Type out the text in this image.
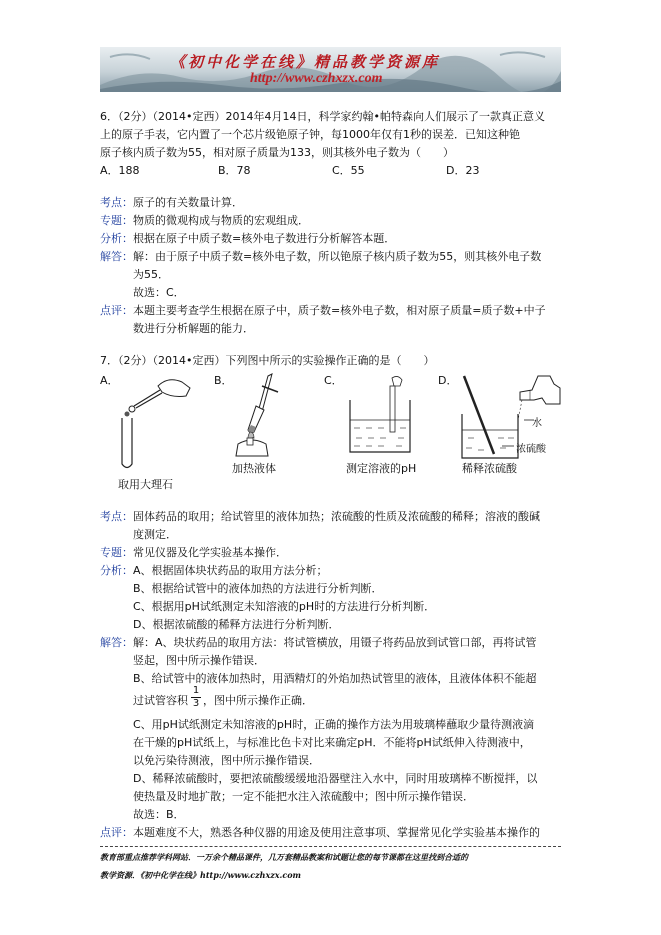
《初中化学在线》精品教学资源库
http://www.czhxzx.com
6．（2分）（2014•定西）2014年4月14日，科学家约翰•帕特森向人们展示了一款真正意义
上的原子手表，它内置了一个芯片级铯原子钟，每1000年仅有1秒的误差．已知这种铯
原子核内质子数为55，相对原子质量为133，则其核外电子数为（　　）
A．188	B．78	C．55	D．23
考点：原子的有关数量计算．
专题：物质的微观构成与物质的宏观组成．
分析：根据在原子中质子数=核外电子数进行分析解答本题．
解答：解：由于原子中质子数=核外电子数，所以铯原子核内质子数为55，则其核外电子数
为55．
故选：C．
点评：本题主要考查学生根据在原子中，质子数=核外电子数，相对原子质量=质子数+中子
数进行分析解题的能力．
7．（2分）（2014•定西）下列图中所示的实验操作正确的是（　　）
A．	B．	C．	D．
取用大理石
加热液体	测定溶液的pH
水
浓硫酸
稀释浓硫酸
考点：固体药品的取用；给试管里的液体加热；浓硫酸的性质及浓硫酸的稀释；溶液的酸碱
度测定．
专题：常见仪器及化学实验基本操作．
分析：A、根据固体块状药品的取用方法分析；
B、根据给试管中的液体加热的方法进行分析判断．
C、根据用pH试纸测定未知溶液的pH时的方法进行分析判断．
D、根据浓硫酸的稀释方法进行分析判断．
解答：解：A、块状药品的取用方法：将试管横放，用镊子将药品放到试管口部，再将试管
竖起，图中所示操作错误．
B、给试管中的液体加热时，用酒精灯的外焰加热试管里的液体，且液体体积不能超
过试管容积
1
3 ，图中所示操作正确．
C、用pH试纸测定未知溶液的pH时，正确的操作方法为用玻璃棒蘸取少量待测液滴
在干燥的pH试纸上，与标准比色卡对比来确定pH．不能将pH试纸伸入待测液中，
以免污染待测液，图中所示操作错误．
D、稀释浓硫酸时，要把浓硫酸缓缓地沿器壁注入水中，同时用玻璃棒不断搅拌，以
使热量及时地扩散；一定不能把水注入浓硫酸中；图中所示操作错误．
故选：B．
点评：本题难度不大，熟悉各种仪器的用途及使用注意事项、掌握常见化学实验基本操作的
教育部重点推荐学科网站．一万余个精品课件，几万套精品教案和试题让您的每节课都在这里找到合适的
教学资源．《初中化学在线》http://www.czhxzx.com
